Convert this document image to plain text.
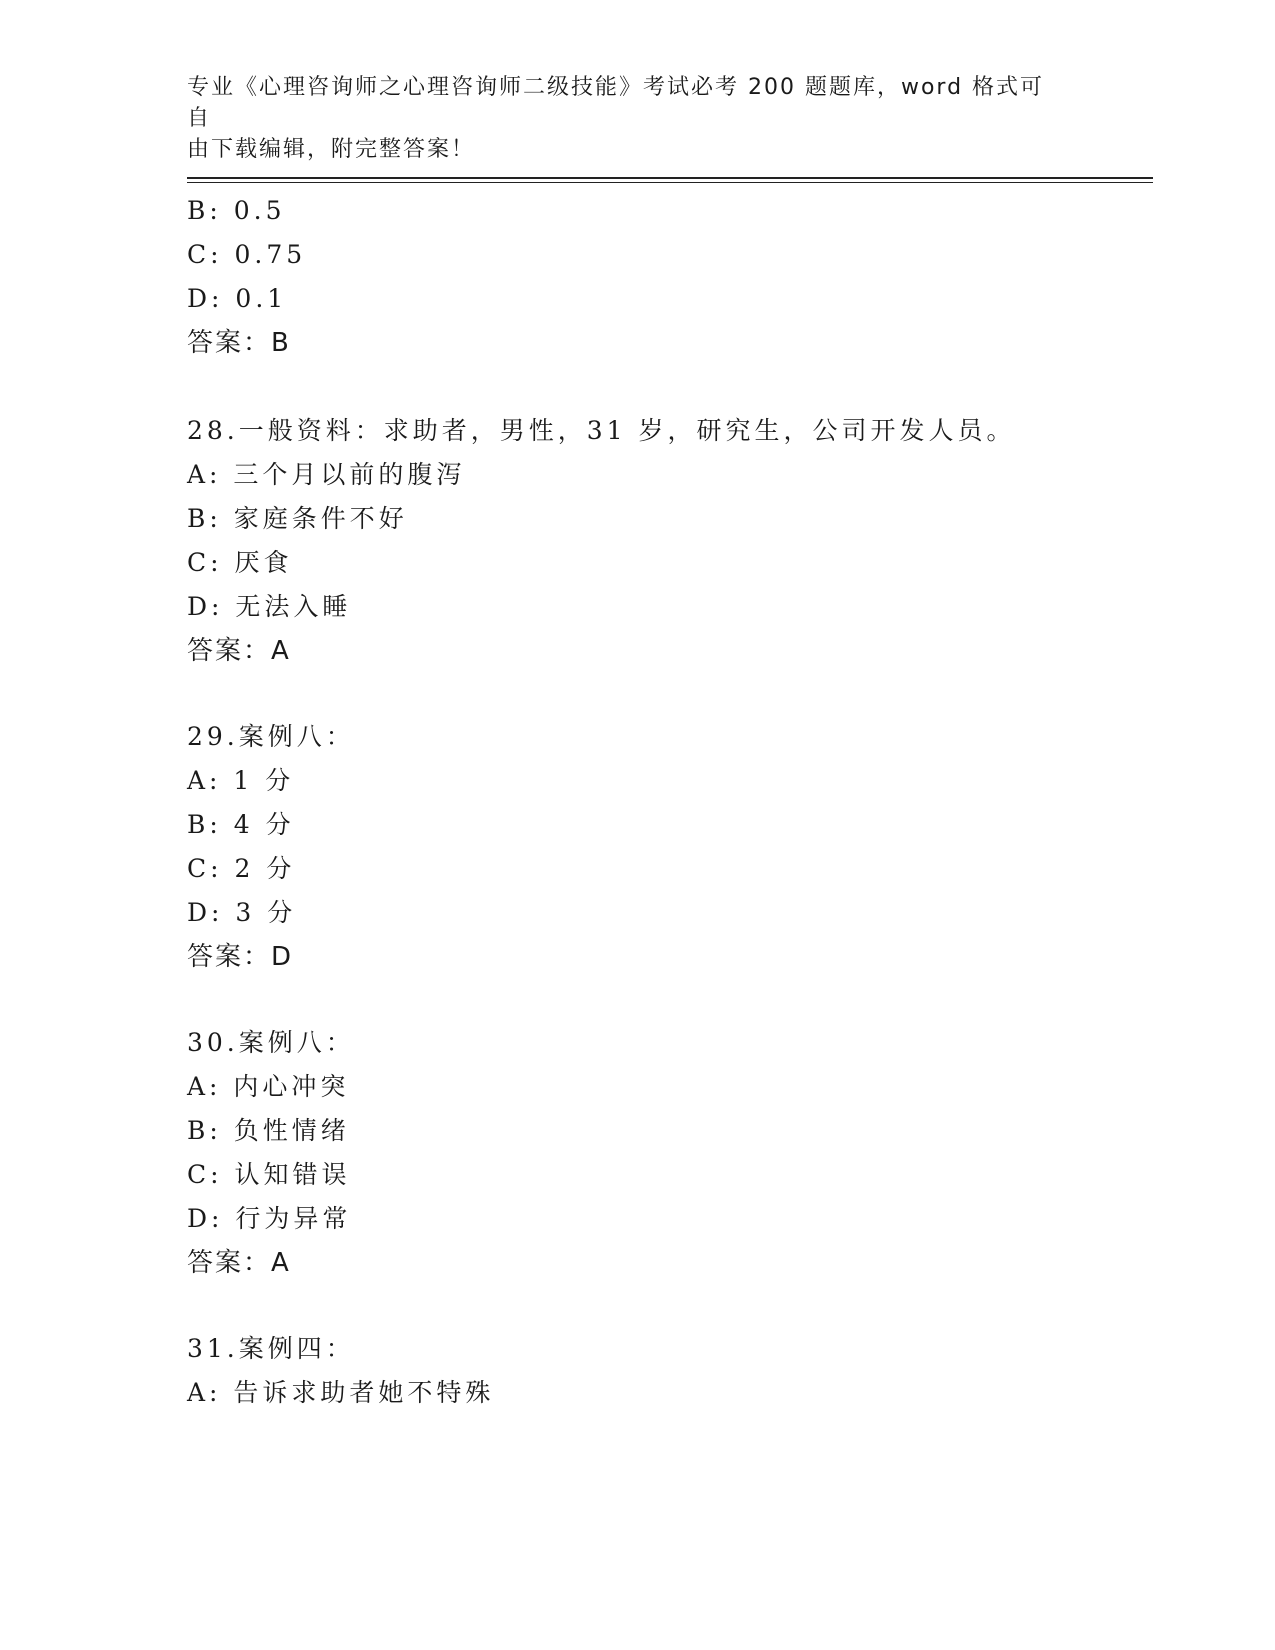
专业《心理咨询师之心理咨询师二级技能》考试必考 200 题题库，word 格式可自
由下载编辑，附完整答案！
B: 0.5
C: 0.75
D: 0.1
答案：B
28.一般资料：求助者，男性，31 岁，研究生，公司开发人员。
A: 三个月以前的腹泻
B: 家庭条件不好
C: 厌食
D: 无法入睡
答案：A
29.案例八：
A: 1 分
B: 4 分
C: 2 分
D: 3 分
答案：D
30.案例八：
A: 内心冲突
B: 负性情绪
C: 认知错误
D: 行为异常
答案：A
31.案例四：
A: 告诉求助者她不特殊
